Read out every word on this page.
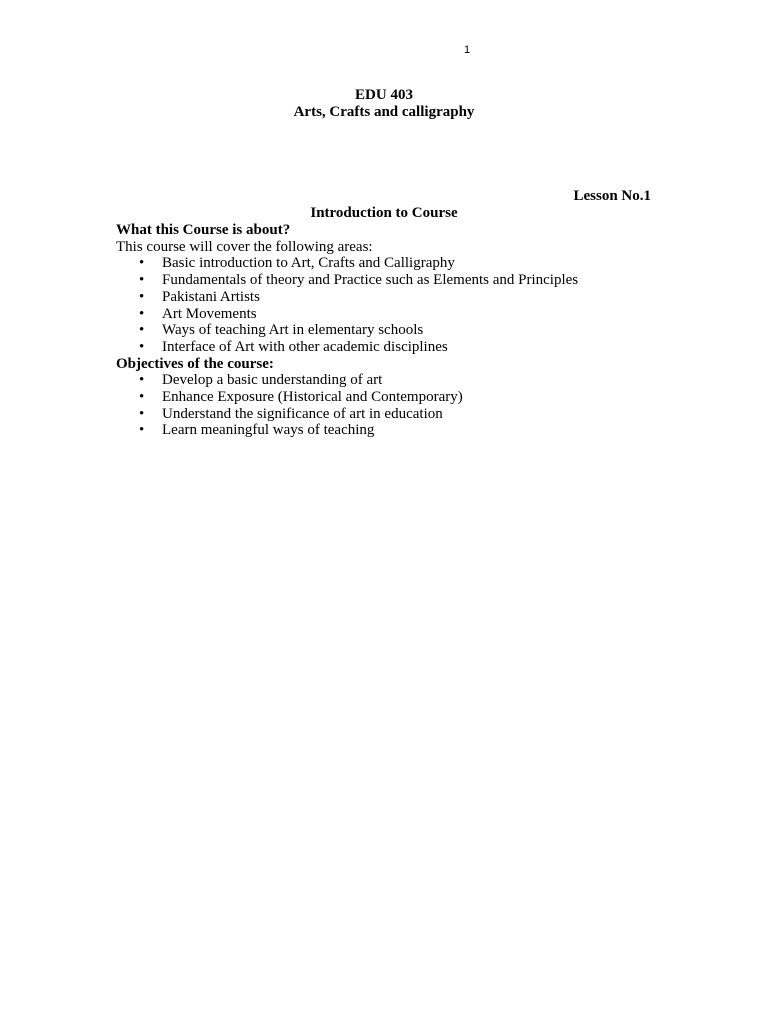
1
EDU 403
Arts, Crafts and calligraphy
Lesson No.1
Introduction to Course
What this Course is about?
This course will cover the following areas:
• Basic introduction to Art, Crafts and Calligraphy
• Fundamentals of theory and Practice such as Elements and Principles
• Pakistani Artists
• Art Movements
• Ways of teaching Art in elementary schools
• Interface of Art with other academic disciplines
Objectives of the course:
• Develop a basic understanding of art
• Enhance Exposure (Historical and Contemporary)
• Understand the significance of art in education
• Learn meaningful ways of teaching
